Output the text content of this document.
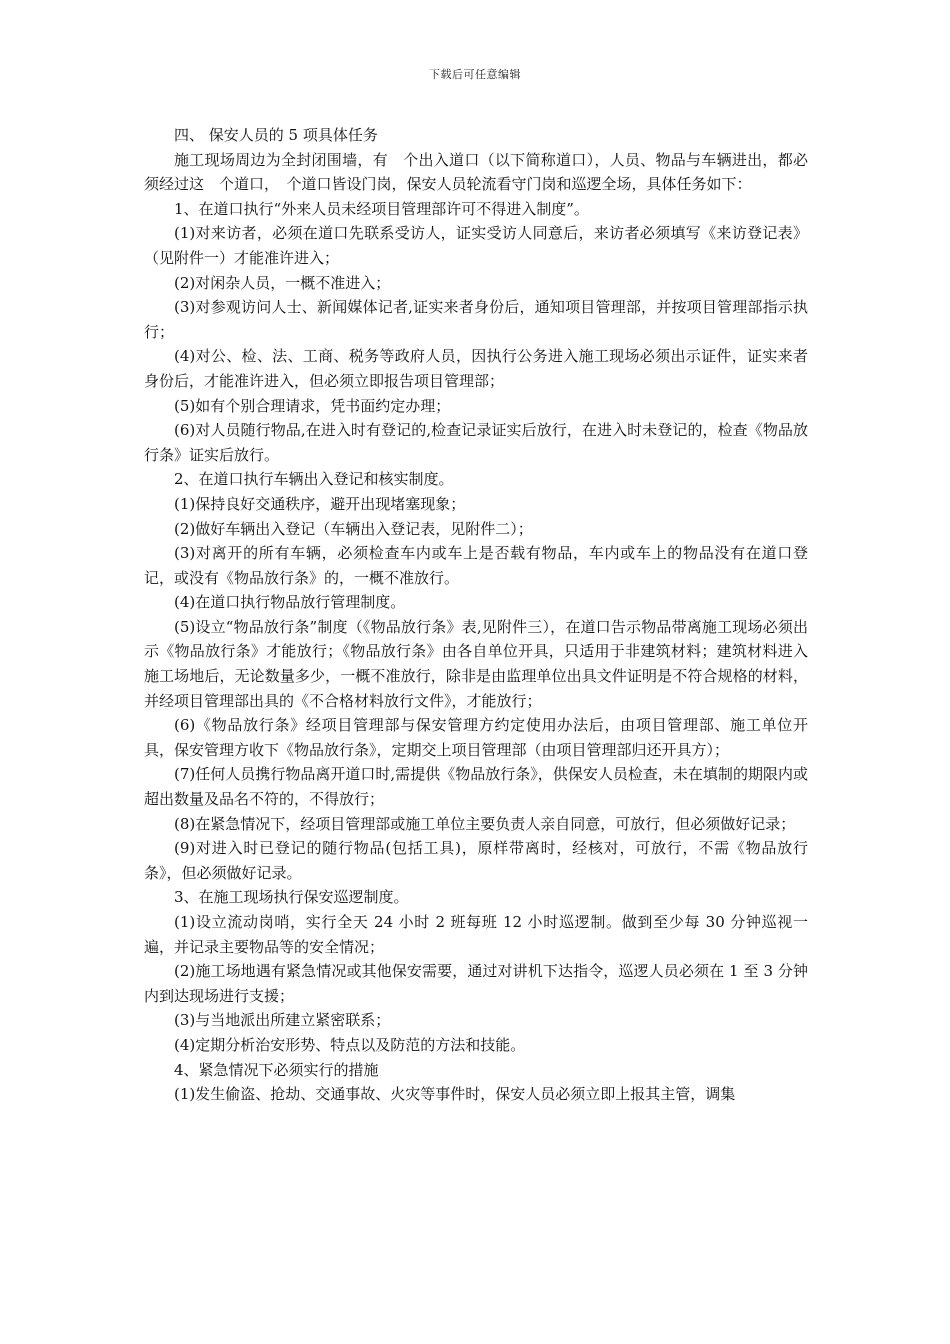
下载后可任意编辑

四、 保安人员的 5 项具体任务

施工现场周边为全封闭围墙，有　个出入道口（以下简称道口），人员、物品与车辆进出，都必须经过这　个道口，　个道口皆设门岗，保安人员轮流看守门岗和巡逻全场，具体任务如下：

1、在道口执行“外来人员未经项目管理部许可不得进入制度”。

(1)对来访者，必须在道口先联系受访人，证实受访人同意后，来访者必须填写《来访登记表》（见附件一）才能准许进入；

(2)对闲杂人员，一概不准进入；

(3)对参观访问人士、新闻媒体记者,证实来者身份后，通知项目管理部，并按项目管理部指示执行；

(4)对公、检、法、工商、税务等政府人员，因执行公务进入施工现场必须出示证件，证实来者身份后，才能准许进入，但必须立即报告项目管理部；

(5)如有个别合理请求，凭书面约定办理；

(6)对人员随行物品,在进入时有登记的,检查记录证实后放行，在进入时未登记的，检查《物品放行条》证实后放行。

2、在道口执行车辆出入登记和核实制度。

(1)保持良好交通秩序，避开出现堵塞现象；

(2)做好车辆出入登记（车辆出入登记表，见附件二）；

(3)对离开的所有车辆，必须检查车内或车上是否载有物品，车内或车上的物品没有在道口登记，或没有《物品放行条》的，一概不准放行。

(4)在道口执行物品放行管理制度。

(5)设立“物品放行条”制度（《物品放行条》表,见附件三），在道口告示物品带离施工现场必须出示《物品放行条》才能放行；《物品放行条》由各自单位开具，只适用于非建筑材料；建筑材料进入施工场地后，无论数量多少，一概不准放行，除非是由监理单位出具文件证明是不符合规格的材料，并经项目管理部出具的《不合格材料放行文件》，才能放行；

(6)《物品放行条》经项目管理部与保安管理方约定使用办法后，由项目管理部、施工单位开具，保安管理方收下《物品放行条》，定期交上项目管理部（由项目管理部归还开具方）；

(7)任何人员携行物品离开道口时,需提供《物品放行条》，供保安人员检查，未在填制的期限内或超出数量及品名不符的，不得放行；

(8)在紧急情况下，经项目管理部或施工单位主要负责人亲自同意，可放行，但必须做好记录；

(9)对进入时已登记的随行物品(包括工具)，原样带离时，经核对，可放行，不需《物品放行条》，但必须做好记录。

3、在施工现场执行保安巡逻制度。

(1)设立流动岗哨，实行全天 24 小时 2 班每班 12 小时巡逻制。做到至少每 30 分钟巡视一遍，并记录主要物品等的安全情况；

(2)施工场地遇有紧急情况或其他保安需要，通过对讲机下达指令，巡逻人员必须在 1 至 3 分钟内到达现场进行支援；

(3)与当地派出所建立紧密联系；

(4)定期分析治安形势、特点以及防范的方法和技能。

4、紧急情况下必须实行的措施

(1)发生偷盗、抢劫、交通事故、火灾等事件时，保安人员必须立即上报其主管，调集
